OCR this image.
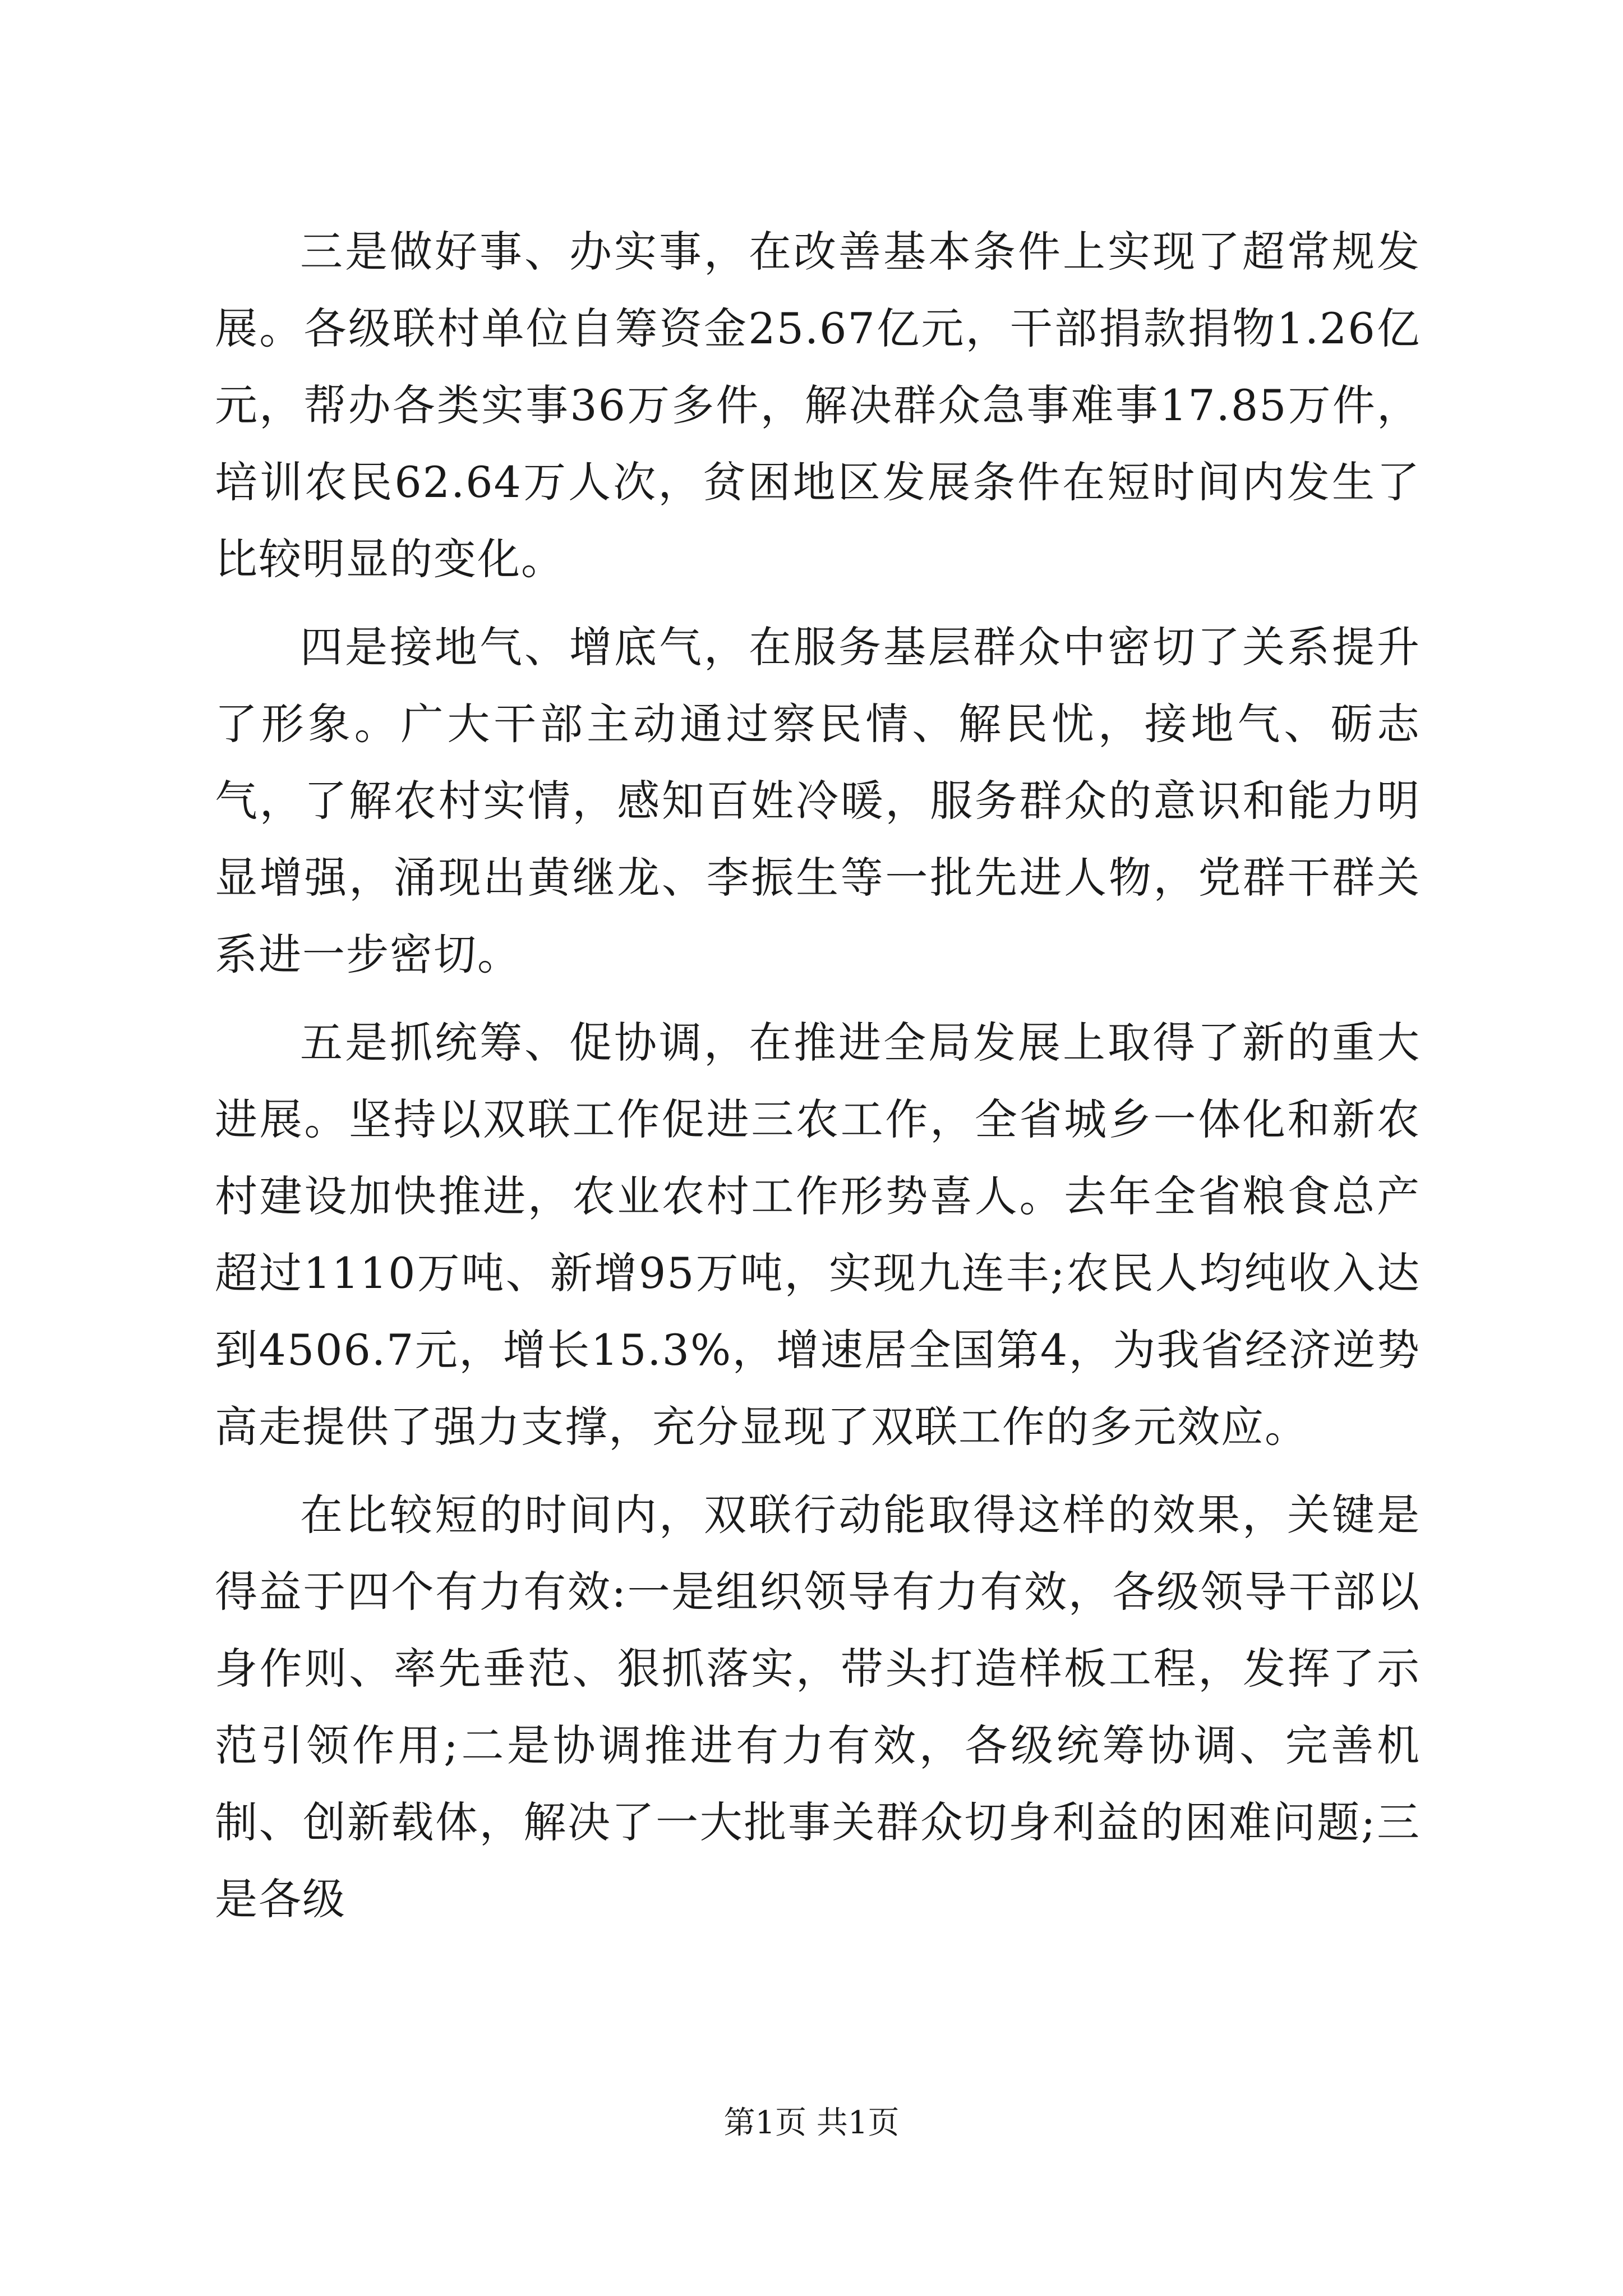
三是做好事、办实事，在改善基本条件上实现了超常规发展。各级联村单位自筹资金25.67亿元，干部捐款捐物1.26亿元，帮办各类实事36万多件，解决群众急事难事17.85万件，培训农民62.64万人次，贫困地区发展条件在短时间内发生了比较明显的变化。

四是接地气、增底气，在服务基层群众中密切了关系提升了形象。广大干部主动通过察民情、解民忧，接地气、砺志气，了解农村实情，感知百姓冷暖，服务群众的意识和能力明显增强，涌现出黄继龙、李振生等一批先进人物，党群干群关系进一步密切。

五是抓统筹、促协调，在推进全局发展上取得了新的重大进展。坚持以双联工作促进三农工作，全省城乡一体化和新农村建设加快推进，农业农村工作形势喜人。去年全省粮食总产超过1110万吨、新增95万吨，实现九连丰;农民人均纯收入达到4506.7元，增长15.3%，增速居全国第4，为我省经济逆势高走提供了强力支撑，充分显现了双联工作的多元效应。

在比较短的时间内，双联行动能取得这样的效果，关键是得益于四个有力有效:一是组织领导有力有效，各级领导干部以身作则、率先垂范、狠抓落实，带头打造样板工程，发挥了示范引领作用;二是协调推进有力有效，各级统筹协调、完善机制、创新载体，解决了一大批事关群众切身利益的困难问题;三是各级

第1页 共1页
